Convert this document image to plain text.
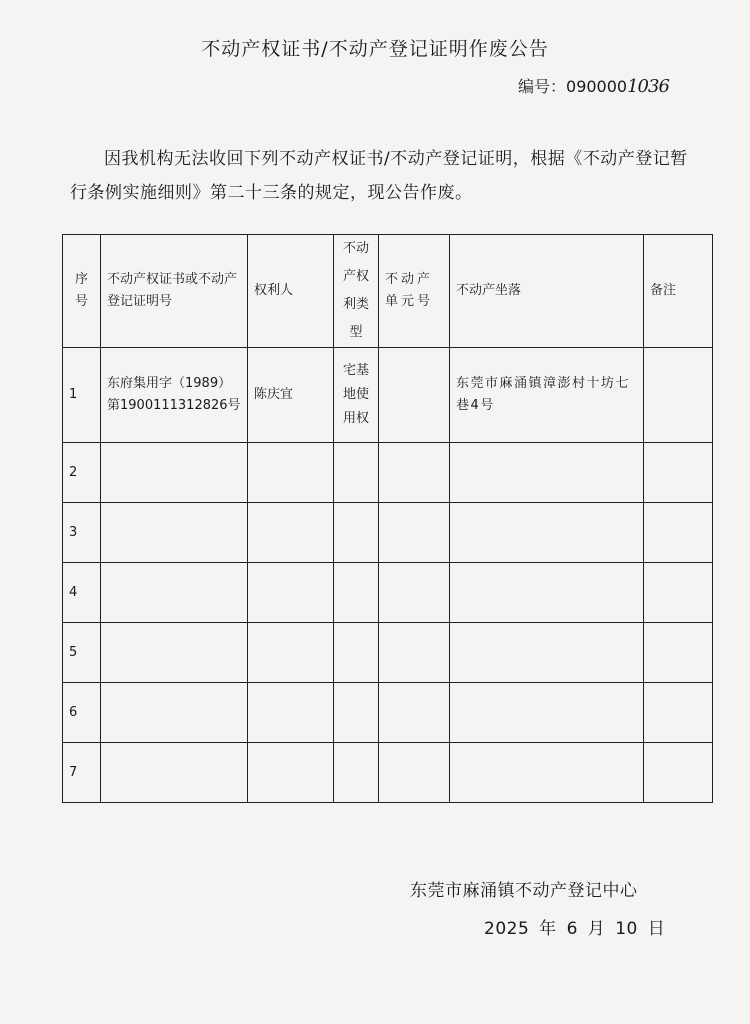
不动产权证书/不动产登记证明作废公告
编号：0900001036
因我机构无法收回下列不动产权证书/不动产登记证明，根据《不动产登记暂行条例实施细则》第二十三条的规定，现公告作废。
序号	不动产权证书或不动产登记证明号	权利人	不动产权利类型	不动产单元号	不动产坐落	备注
1	东府集用字（1989）第1900111312826号	陈庆宜	宅基地使用权		东莞市麻涌镇漳澎村十坊七巷4号	
2						
3						
4						
5						
6						
7						
东莞市麻涌镇不动产登记中心
2025 年 6 月 10 日
